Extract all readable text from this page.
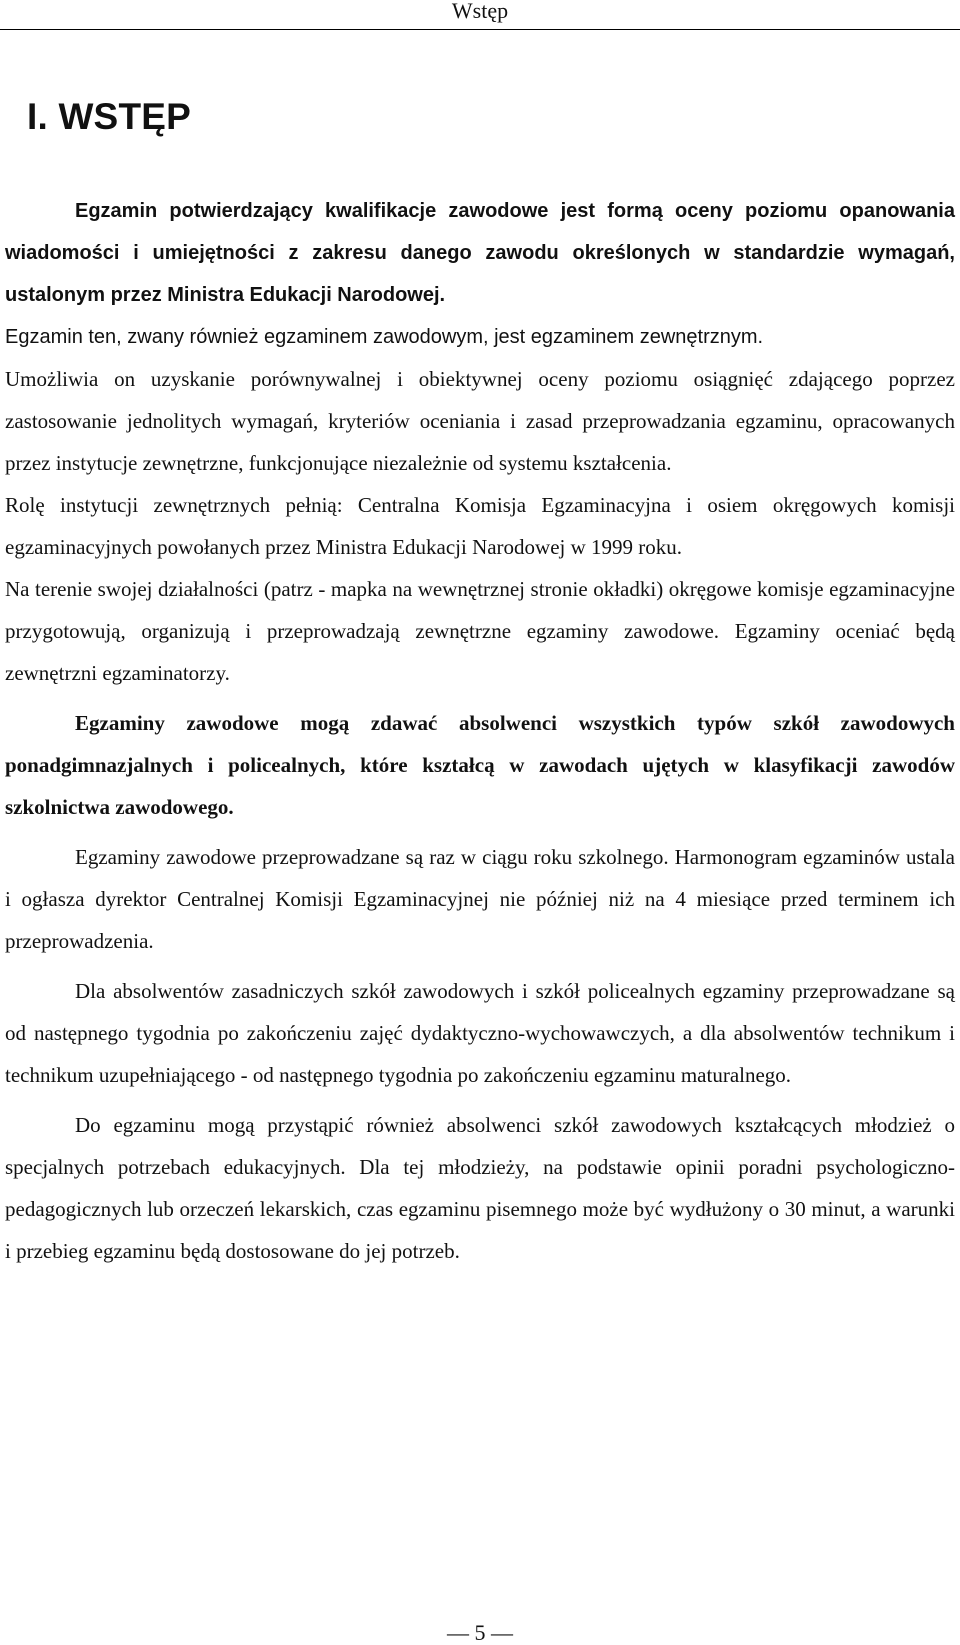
Wstęp
I. WSTĘP

Egzamin potwierdzający kwalifikacje zawodowe jest formą oceny poziomu opanowania wiadomości i umiejętności z zakresu danego zawodu określonych w standardzie wymagań, ustalonym przez Ministra Edukacji Narodowej.

Egzamin ten, zwany również egzaminem zawodowym, jest egzaminem zewnętrznym.

Umożliwia on uzyskanie porównywalnej i obiektywnej oceny poziomu osiągnięć zdającego poprzez zastosowanie jednolitych wymagań, kryteriów oceniania i zasad przeprowadzania egzaminu, opracowanych przez instytucje zewnętrzne, funkcjonujące niezależnie od systemu kształcenia.

Rolę instytucji zewnętrznych pełnią: Centralna Komisja Egzaminacyjna i osiem okręgowych komisji egzaminacyjnych powołanych przez Ministra Edukacji Narodowej w 1999 roku.

Na terenie swojej działalności (patrz - mapka na wewnętrznej stronie okładki) okręgowe komisje egzaminacyjne przygotowują, organizują i przeprowadzają zewnętrzne egzaminy zawodowe. Egzaminy oceniać będą zewnętrzni egzaminatorzy.

Egzaminy zawodowe mogą zdawać absolwenci wszystkich typów szkół zawodowych ponadgimnazjalnych i policealnych, które kształcą w zawodach ujętych w klasyfikacji zawodów szkolnictwa zawodowego.

Egzaminy zawodowe przeprowadzane są raz w ciągu roku szkolnego. Harmonogram egzaminów ustala i ogłasza dyrektor Centralnej Komisji Egzaminacyjnej nie później niż na 4 miesiące przed terminem ich przeprowadzenia.

Dla absolwentów zasadniczych szkół zawodowych i szkół policealnych egzaminy przeprowadzane są od następnego tygodnia po zakończeniu zajęć dydaktyczno-wychowawczych, a dla absolwentów technikum i technikum uzupełniającego - od następnego tygodnia po zakończeniu egzaminu maturalnego.

Do egzaminu mogą przystąpić również absolwenci szkół zawodowych kształcących młodzież o specjalnych potrzebach edukacyjnych. Dla tej młodzieży, na podstawie opinii poradni psychologiczno-pedagogicznych lub orzeczeń lekarskich, czas egzaminu pisemnego może być wydłużony o 30 minut, a warunki i przebieg egzaminu będą dostosowane do jej potrzeb.

— 5 —
